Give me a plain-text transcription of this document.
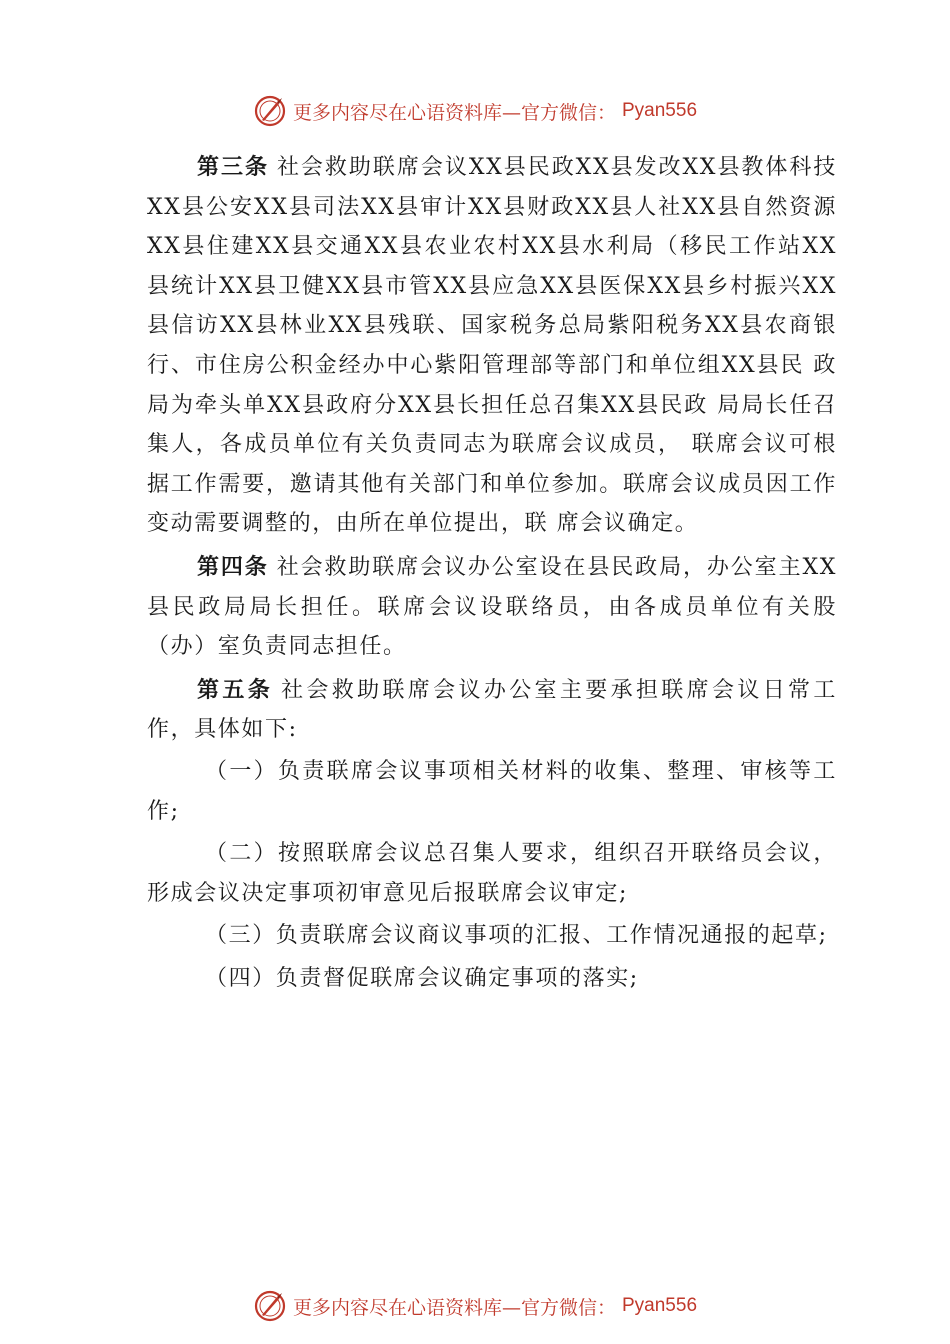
更多内容尽在心语资料库—官方微信： Pyan556

第三条 社会救助联席会议XX县民政XX县发改XX县教体科技XX县公安XX县司法XX县审计XX县财政XX县人社XX县自然资源XX县住建XX县交通XX县农业农村XX县水利局（移民工作站XX县统计XX县卫健XX县市管XX县应急XX县医保XX县乡村振兴XX县信访XX县林业XX县残联、国家税务总局紫阳税务XX县农商银行、市住房公积金经办中心紫阳管理部等部门和单位组XX县民 政局为牵头单XX县政府分XX县长担任总召集XX县民政 局局长任召集人，各成员单位有关负责同志为联席会议成员， 联席会议可根据工作需要，邀请其他有关部门和单位参加。联席会议成员因工作变动需要调整的，由所在单位提出，联 席会议确定。

第四条 社会救助联席会议办公室设在县民政局，办公室主XX县民政局局长担任。联席会议设联络员，由各成员单位有关股（办）室负责同志担任。

第五条 社会救助联席会议办公室主要承担联席会议日常工作，具体如下:

（一）负责联席会议事项相关材料的收集、整理、审核等工作;

（二）按照联席会议总召集人要求，组织召开联络员会议，形成会议决定事项初审意见后报联席会议审定;

（三）负责联席会议商议事项的汇报、工作情况通报的起草;

（四）负责督促联席会议确定事项的落实;

更多内容尽在心语资料库—官方微信： Pyan556
